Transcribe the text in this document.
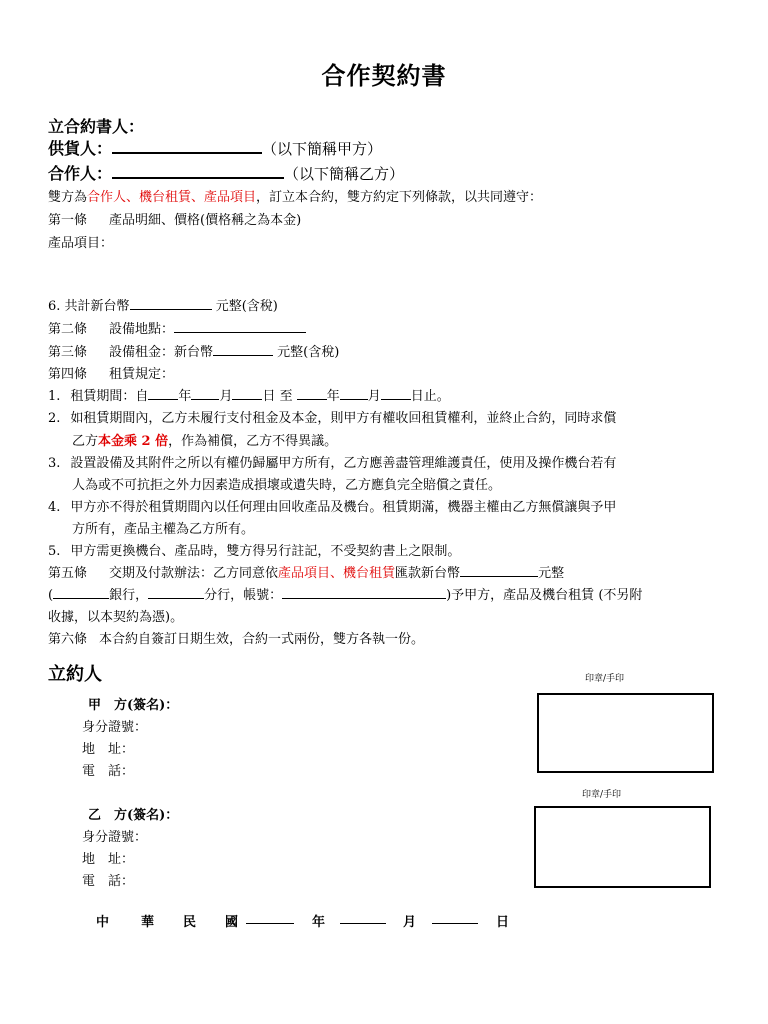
合作契約書
立合約書人：
供貨人：	（以下簡稱甲方）
合作人：	（以下簡稱乙方）
雙方為合作人、機台租賃、產品項目，訂立本合約，雙方約定下列條款，以共同遵守：
第一條 產品明細、價格(價格稱之為本金)
產品項目：
6. 共計新台幣	元整(含稅)
第二條 設備地點：
第三條 設備租金：新台幣	元整(含稅)
第四條 租賃規定：
1. 租賃期間：自 年 月 日 至	年 月 日止。
2. 如租賃期間內，乙方未履行支付租金及本金，則甲方有權收回租賃權利，並終止合約，同時求償
乙方本金乘 2 倍，作為補償，乙方不得異議。
3. 設置設備及其附件之所以有權仍歸屬甲方所有，乙方應善盡管理維護責任，使用及操作機台若有
人為或不可抗拒之外力因素造成損壞或遺失時，乙方應負完全賠償之責任。
4. 甲方亦不得於租賃期間內以任何理由回收產品及機台。租賃期滿，機器主權由乙方無償讓與予甲
方所有，產品主權為乙方所有。
5. 甲方需更換機台、產品時，雙方得另行註記，不受契約書上之限制。
第五條 交期及付款辦法：乙方同意依產品項目、機台租賃匯款新台幣	元整
(	銀行，	分行，帳號：	)予甲方，產品及機台租賃 (不另附
收據，以本契約為憑)。
第六條 本合約自簽訂日期生效，合約一式兩份，雙方各執一份。
立約人	印章/手印
甲　方(簽名)：
身分證號：
地　址：
電　話：
印章/手印
乙　方(簽名)：
身分證號：
地　址：
電　話：
中 華 民 國	年	月	日
